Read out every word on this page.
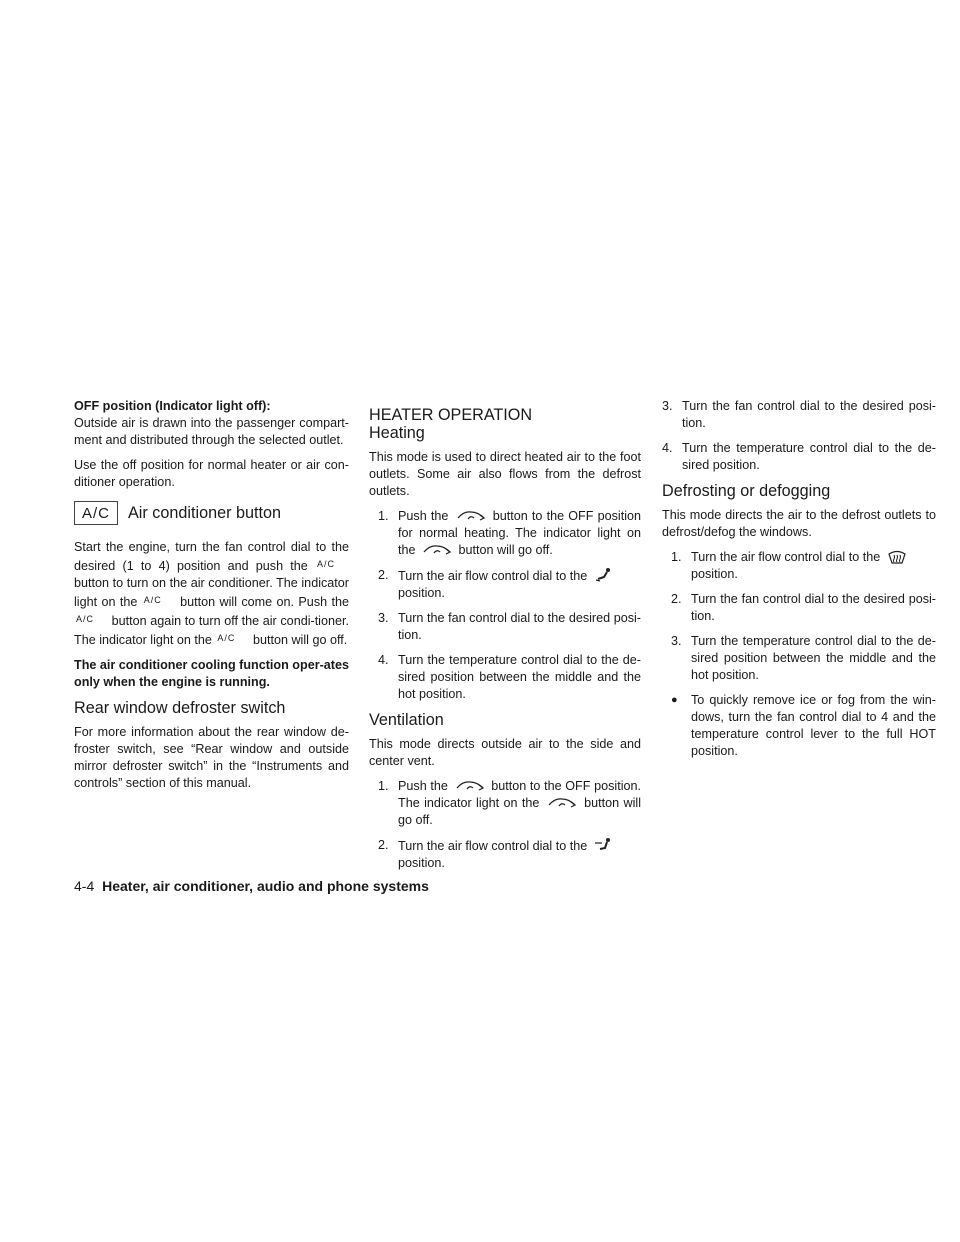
OFF position (Indicator light off):

Outside air is drawn into the passenger compart-ment and distributed through the selected outlet.

Use the off position for normal heater or air con-ditioner operation.

A/C	Air conditioner button

Start the engine, turn the fan control dial to the desired (1 to 4) position and push the $^{A/C}$ button to turn on the air conditioner. The indicator light on the $^{A/C}$ button will come on. Push the $^{A/C}$ button again to turn off the air condi-tioner. The indicator light on the $^{A/C}$ button will go off.

The air conditioner cooling function oper-ates only when the engine is running.

Rear window defroster switch

For more information about the rear window de-froster switch, see “Rear window and outside mirror defroster switch” in the “Instruments and controls” section of this manual.

HEATER OPERATION
Heating

This mode is used to direct heated air to the foot outlets. Some air also flows from the defrost outlets.

1. Push the	button to the OFF position for normal heating. The indicator light on the	button will go off.
2. Turn the air flow control dial to the
position.
3. Turn the fan control dial to the desired posi-tion.
4. Turn the temperature control dial to the de-sired position between the middle and the hot position.
Ventilation

This mode directs outside air to the side and center vent.

1. Push the	button to the OFF position. The indicator light on the	button will go off.
2. Turn the air flow control dial to the
position.
3. Turn the fan control dial to the desired posi-tion.
4. Turn the temperature control dial to the de-sired position.
Defrosting or defogging

This mode directs the air to the defrost outlets to defrost/defog the windows.

1. Turn the air flow control dial to the
position.
2. Turn the fan control dial to the desired posi-tion.
3. Turn the temperature control dial to the de-sired position between the middle and the hot position.
●	To quickly remove ice or fog from the win-dows, turn the fan control dial to 4 and the temperature control lever to the full HOT position.
4-4 Heater, air conditioner, audio and phone systems
